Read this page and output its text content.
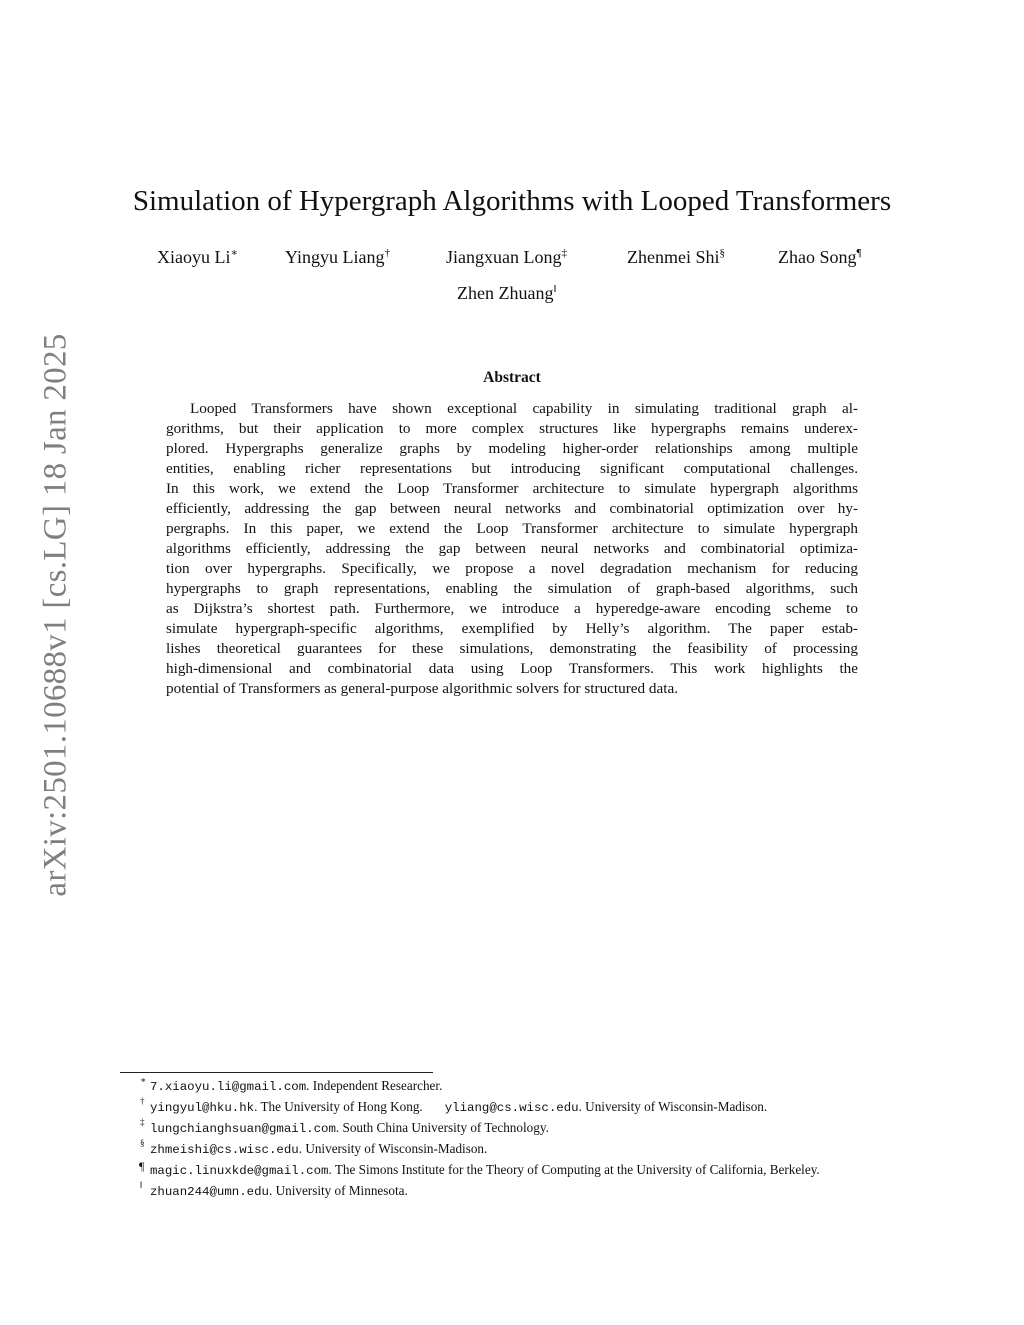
arXiv:2501.10688v1 [cs.LG] 18 Jan 2025
Simulation of Hypergraph Algorithms with Looped Transformers
Xiaoyu Li∗	Yingyu Liang†	Jiangxuan Long‡	Zhenmei Shi§	Zhao Song¶
Zhen Zhuang‖
Abstract
Looped Transformers have shown exceptional capability in simulating traditional graph al-
gorithms, but their application to more complex structures like hypergraphs remains underex-
plored. Hypergraphs generalize graphs by modeling higher-order relationships among multiple
entities, enabling richer representations but introducing significant computational challenges.
In this work, we extend the Loop Transformer architecture to simulate hypergraph algorithms
efficiently, addressing the gap between neural networks and combinatorial optimization over hy-
pergraphs. In this paper, we extend the Loop Transformer architecture to simulate hypergraph
algorithms efficiently, addressing the gap between neural networks and combinatorial optimiza-
tion over hypergraphs. Specifically, we propose a novel degradation mechanism for reducing
hypergraphs to graph representations, enabling the simulation of graph-based algorithms, such
as Dijkstra’s shortest path. Furthermore, we introduce a hyperedge-aware encoding scheme to
simulate hypergraph-specific algorithms, exemplified by Helly’s algorithm. The paper estab-
lishes theoretical guarantees for these simulations, demonstrating the feasibility of processing
high-dimensional and combinatorial data using Loop Transformers. This work highlights the
potential of Transformers as general-purpose algorithmic solvers for structured data.
∗ 7.xiaoyu.li@gmail.com. Independent Researcher.
† yingyul@hku.hk. The University of Hong Kong. yliang@cs.wisc.edu. University of Wisconsin-Madison.
‡ lungchianghsuan@gmail.com. South China University of Technology.
§ zhmeishi@cs.wisc.edu. University of Wisconsin-Madison.
¶ magic.linuxkde@gmail.com. The Simons Institute for the Theory of Computing at the University of California, Berkeley.
‖ zhuan244@umn.edu. University of Minnesota.
